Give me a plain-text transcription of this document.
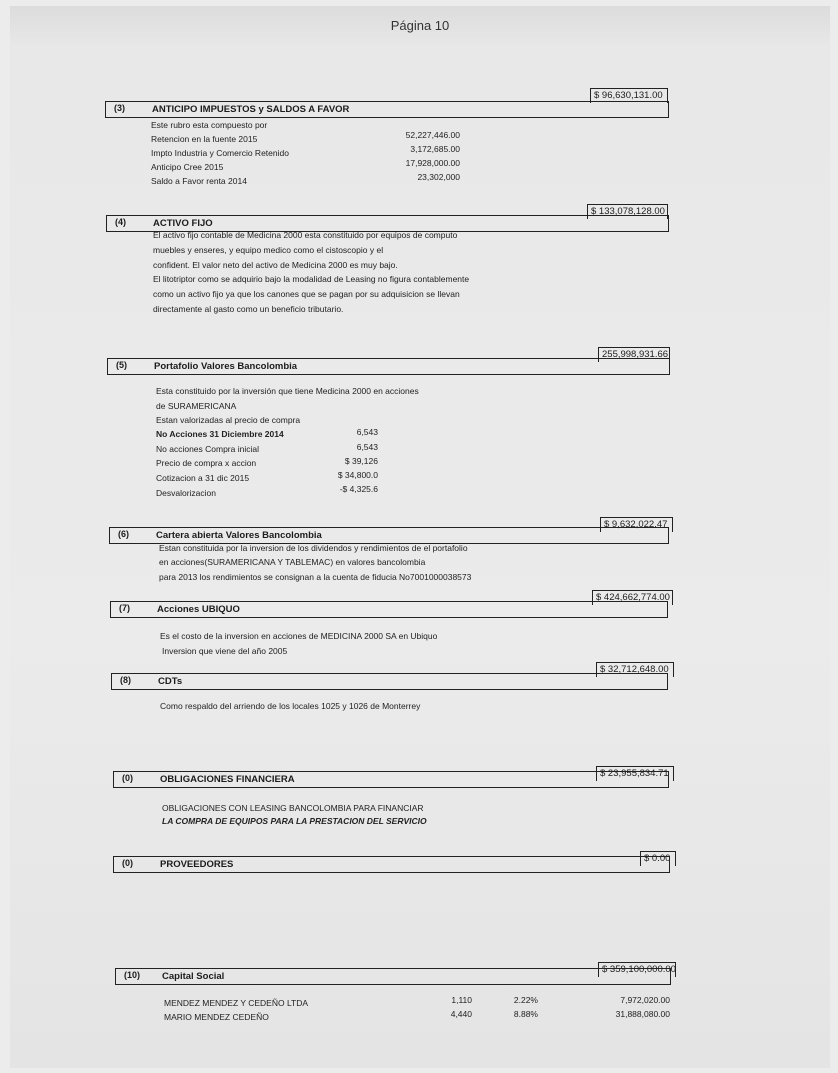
Página 10
$ 96,630,131.00
(3)	ANTICIPO IMPUESTOS y SALDOS A FAVOR
Este rubro esta compuesto por
Retencion en la fuente 2015	52,227,446.00
Impto Industria y Comercio Retenido	3,172,685.00
Anticipo Cree 2015	17,928,000.00
Saldo a Favor renta 2014	23,302,000
$ 133,078,128.00
(4)	ACTIVO FIJO
El activo fijo contable de Medicina 2000 esta constituido por equipos de computo
muebles y enseres, y equipo medico como el cistoscopio y el
confident. El valor neto del activo de Medicina 2000 es muy bajo.
El litotriptor como se adquirio bajo la modalidad de Leasing no figura contablemente
como un activo fijo ya que los canones que se pagan por su adquisicion se llevan
directamente al gasto como un beneficio tributario.
255,998,931.66
(5)	Portafolio Valores Bancolombia
Esta constituido por la inversión que tiene Medicina 2000 en acciones
de SURAMERICANA
Estan valorizadas al precio de compra
No Acciones 31 Diciembre 2014	6,543
No acciones Compra inicial	6,543
Precio de compra x accion	$ 39,126
Cotizacion a 31 dic 2015	$ 34,800.0
Desvalorizacion	-$ 4,325.6
$ 9,632,022.47
(6)	Cartera abierta Valores Bancolombia
Estan constituida por la inversion de los dividendos y rendimientos de el portafolio
en acciones(SURAMERICANA Y TABLEMAC) en valores bancolombia
para 2013 los rendimientos se consignan a la cuenta de fiducia No7001000038573
$ 424,662,774.00
(7)	Acciones UBIQUO
Es el costo de la inversion en acciones de MEDICINA 2000 SA en Ubiquo
Inversion que viene del año 2005
$ 32,712,648.00
(8)	CDTs
Como respaldo del arriendo de los locales 1025 y 1026 de Monterrey
$ 23,955,834.71
(0)	OBLIGACIONES FINANCIERA
OBLIGACIONES CON LEASING BANCOLOMBIA PARA FINANCIAR
LA COMPRA DE EQUIPOS PARA LA PRESTACION DEL SERVICIO
$ 0.00
(0)	PROVEEDORES
$ 359,100,000.00
(10) Capital Social
MENDEZ MENDEZ Y CEDEÑO LTDA	1,110	2.22%	7,972,020.00
MARIO MENDEZ CEDEÑO	4,440	8.88%	31,888,080.00
